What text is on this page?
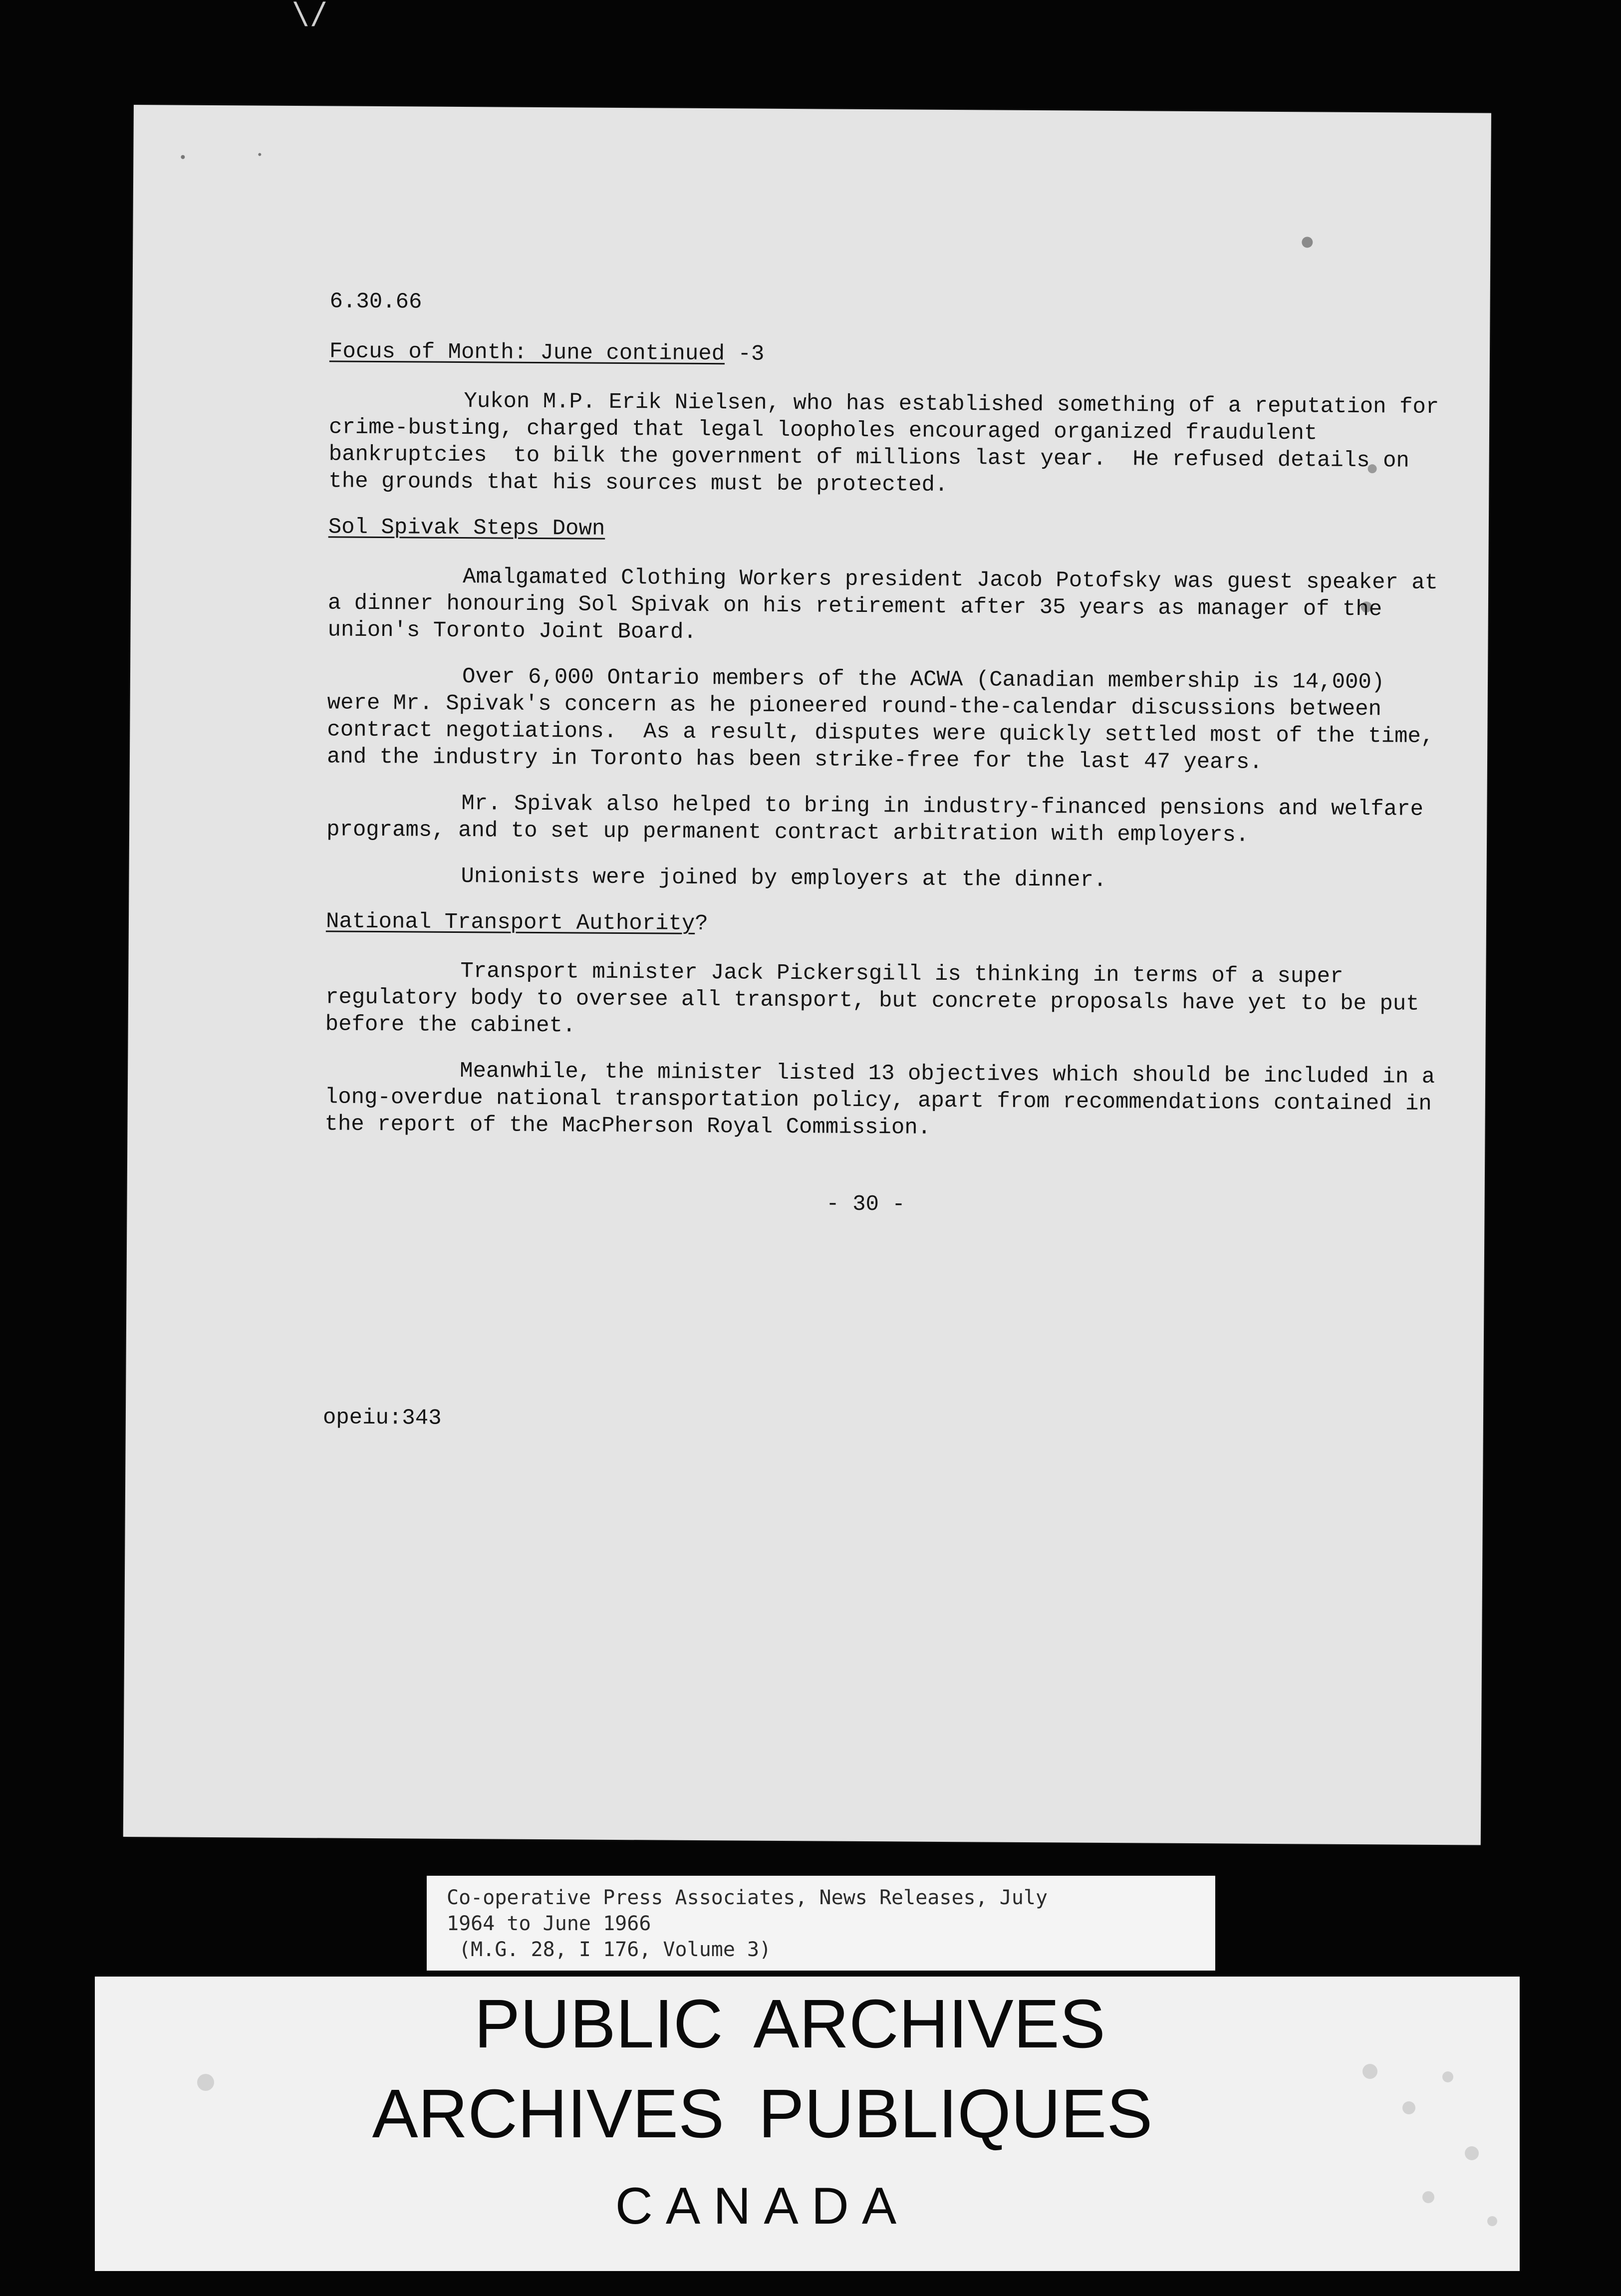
\/

6.30.66

Focus of Month: June continued -3

Yukon M.P. Erik Nielsen, who has established something of a reputation for crime-busting, charged that legal loopholes encouraged organized fraudulent bankruptcies  to bilk the government of millions last year.  He refused details on the grounds that his sources must be protected.

Sol Spivak Steps Down

Amalgamated Clothing Workers president Jacob Potofsky was guest speaker at a dinner honouring Sol Spivak on his retirement after 35 years as manager of the union's Toronto Joint Board.

Over 6,000 Ontario members of the ACWA (Canadian membership is 14,000) were Mr. Spivak's concern as he pioneered round-the-calendar discussions between contract negotiations.  As a result, disputes were quickly settled most of the time, and the industry in Toronto has been strike-free for the last 47 years.

Mr. Spivak also helped to bring in industry-financed pensions and welfare programs, and to set up permanent contract arbitration with employers.

Unionists were joined by employers at the dinner.

National Transport Authority?

Transport minister Jack Pickersgill is thinking in terms of a super regulatory body to oversee all transport, but concrete proposals have yet to be put before the cabinet.

Meanwhile, the minister listed 13 objectives which should be included in a long-overdue national transportation policy, apart from recommendations contained in the report of the MacPherson Royal Commission.

- 30 -

opeiu:343

Co-operative Press Associates, News Releases, July
1964 to June 1966
(M.G. 28, I 176, Volume 3)
PUBLIC ARCHIVES
ARCHIVES PUBLIQUES
CANADA
